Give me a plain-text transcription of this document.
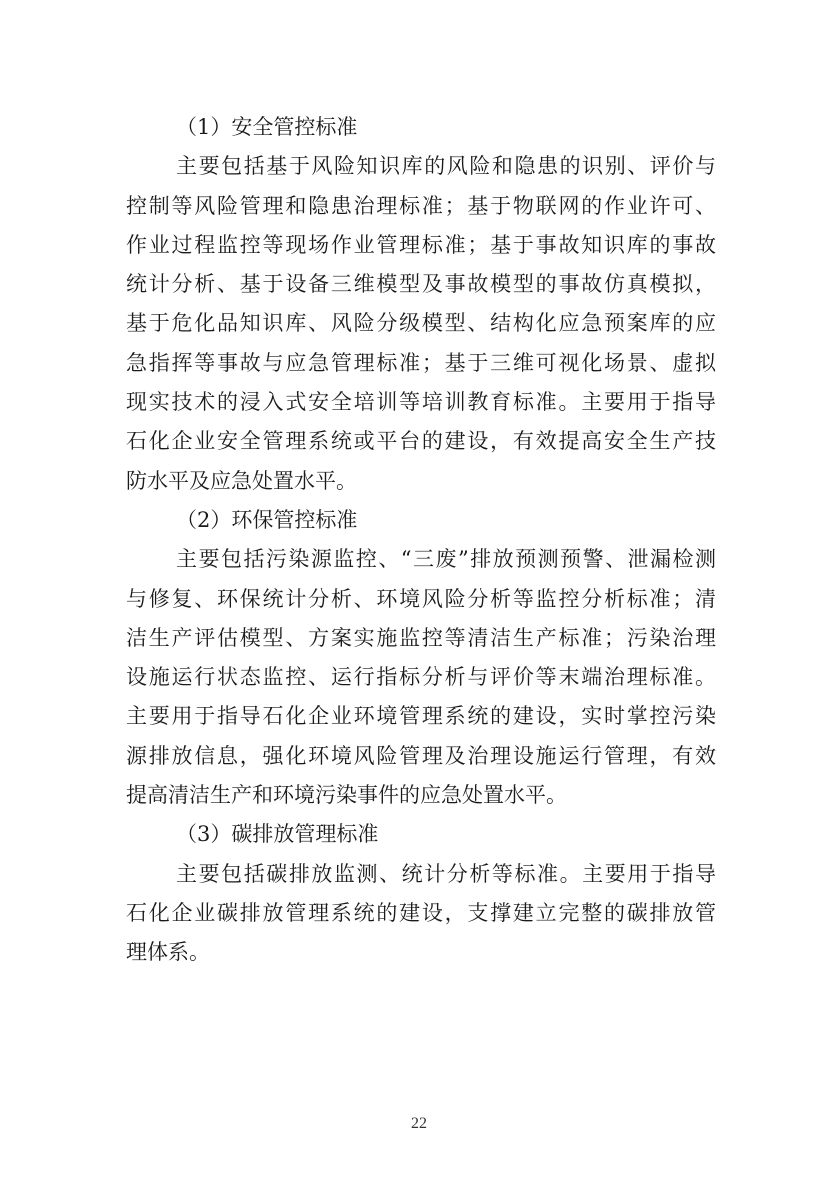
（1）安全管控标准
主要包括基于风险知识库的风险和隐患的识别、评价与
控制等风险管理和隐患治理标准；基于物联网的作业许可、
作业过程监控等现场作业管理标准；基于事故知识库的事故
统计分析、基于设备三维模型及事故模型的事故仿真模拟，
基于危化品知识库、风险分级模型、结构化应急预案库的应
急指挥等事故与应急管理标准；基于三维可视化场景、虚拟
现实技术的浸入式安全培训等培训教育标准。主要用于指导
石化企业安全管理系统或平台的建设，有效提高安全生产技
防水平及应急处置水平。
（2）环保管控标准
主要包括污染源监控、“三废”排放预测预警、泄漏检测
与修复、环保统计分析、环境风险分析等监控分析标准；清
洁生产评估模型、方案实施监控等清洁生产标准；污染治理
设施运行状态监控、运行指标分析与评价等末端治理标准。
主要用于指导石化企业环境管理系统的建设，实时掌控污染
源排放信息，强化环境风险管理及治理设施运行管理，有效
提高清洁生产和环境污染事件的应急处置水平。
（3）碳排放管理标准
主要包括碳排放监测、统计分析等标准。主要用于指导
石化企业碳排放管理系统的建设，支撑建立完整的碳排放管
理体系。
22
